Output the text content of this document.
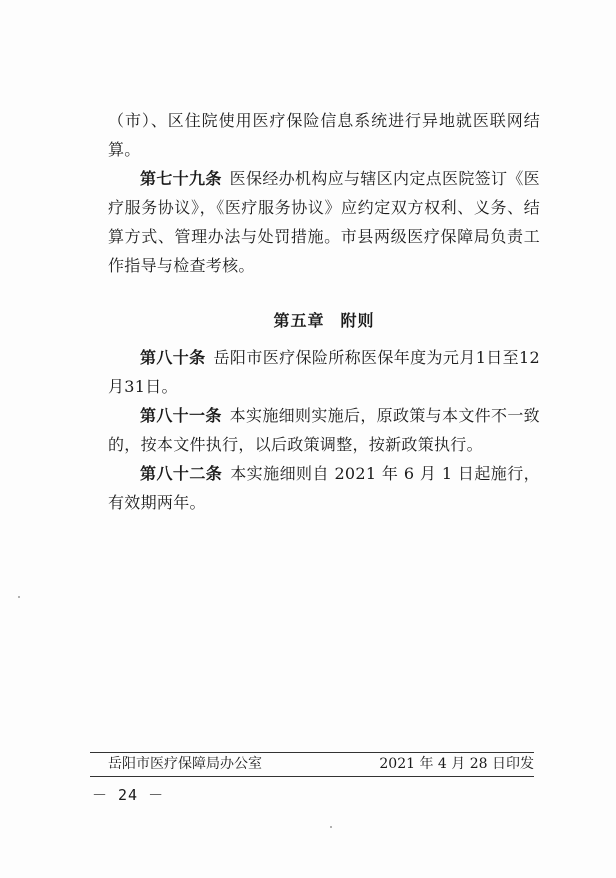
（市）、区住院使用医疗保险信息系统进行异地就医联网结算。

第七十九条 医保经办机构应与辖区内定点医院签订《医疗服务协议》，《医疗服务协议》应约定双方权利、义务、结算方式、管理办法与处罚措施。市县两级医疗保障局负责工作指导与检查考核。

第五章 附则

第八十条 岳阳市医疗保险所称医保年度为元月1日至12月31日。

第八十一条 本实施细则实施后，原政策与本文件不一致的，按本文件执行，以后政策调整，按新政策执行。

第八十二条 本实施细则自 2021 年 6 月 1 日起施行，有效期两年。

岳阳市医疗保障局办公室	2021 年 4 月 28 日印发
－ 24 －
